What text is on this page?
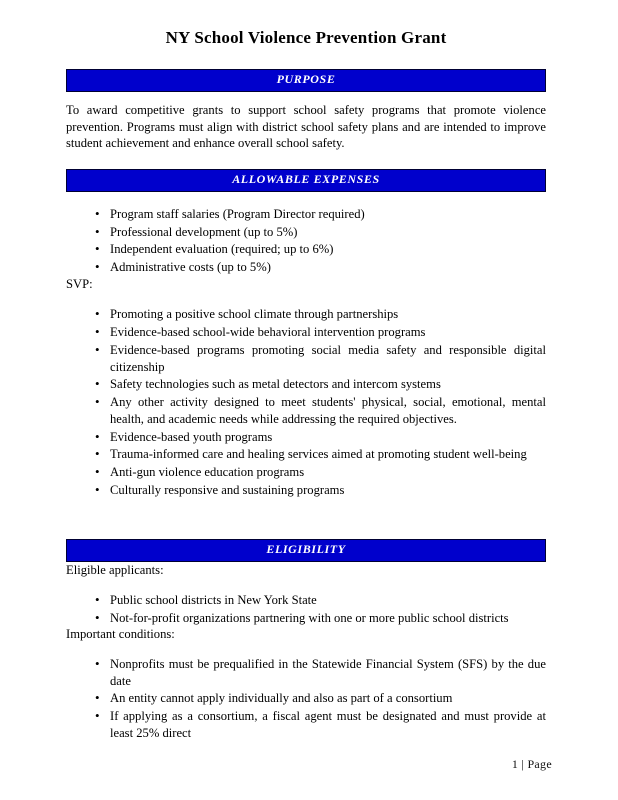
NY School Violence Prevention Grant
PURPOSE

To award competitive grants to support school safety programs that promote violence prevention. Programs must align with district school safety plans and are intended to improve student achievement and enhance overall school safety.

ALLOWABLE EXPENSES
• Program staff salaries (Program Director required)
• Professional development (up to 5%)
• Independent evaluation (required; up to 6%)
• Administrative costs (up to 5%)

SVP:

• Promoting a positive school climate through partnerships
• Evidence-based school-wide behavioral intervention programs
• Evidence-based programs promoting social media safety and responsible digital citizenship
• Safety technologies such as metal detectors and intercom systems
• Any other activity designed to meet students' physical, social, emotional, mental health, and academic needs while addressing the required objectives.
• Evidence-based youth programs
• Trauma-informed care and healing services aimed at promoting student well-being
• Anti-gun violence education programs
• Culturally responsive and sustaining programs
ELIGIBILITY

Eligible applicants:

• Public school districts in New York State
• Not-for-profit organizations partnering with one or more public school districts

Important conditions:

• Nonprofits must be prequalified in the Statewide Financial System (SFS) by the due date
• An entity cannot apply individually and also as part of a consortium
• If applying as a consortium, a fiscal agent must be designated and must provide at least 25% direct
1 | Page
